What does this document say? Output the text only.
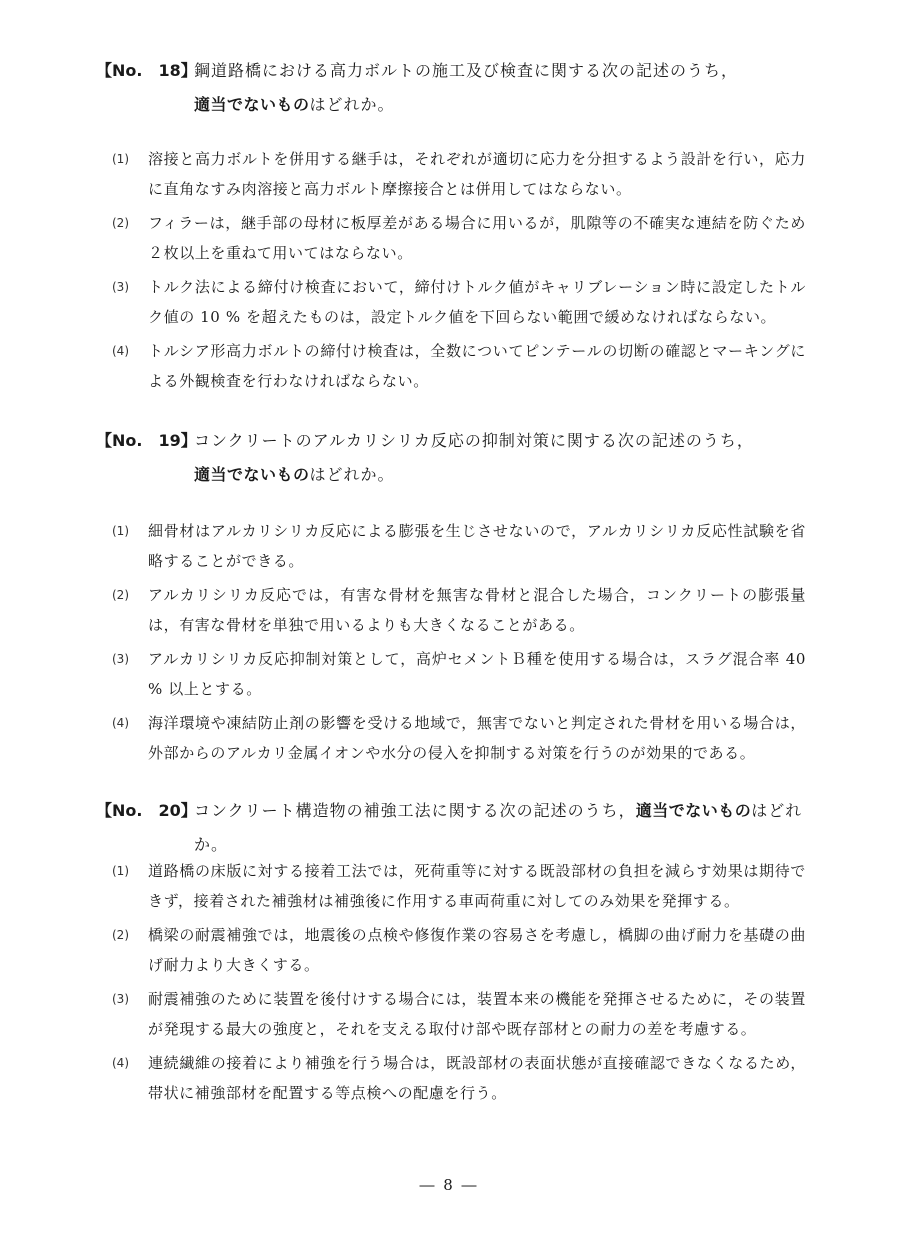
【No.　18】
鋼道路橋における高力ボルトの施工及び検査に関する次の記述のうち，
適当でないものはどれか。
(1)	溶接と高力ボルトを併用する継手は，それぞれが適切に応力を分担するよう設計を行い，応力に直角なすみ肉溶接と高力ボルト摩擦接合とは併用してはならない。
(2)	フィラーは，継手部の母材に板厚差がある場合に用いるが，肌隙等の不確実な連結を防ぐため２枚以上を重ねて用いてはならない。
(3)	トルク法による締付け検査において，締付けトルク値がキャリブレーション時に設定したトルク値の 10 % を超えたものは，設定トルク値を下回らない範囲で緩めなければならない。
(4)	トルシア形高力ボルトの締付け検査は，全数についてピンテールの切断の確認とマーキングによる外観検査を行わなければならない。
【No.　19】
コンクリートのアルカリシリカ反応の抑制対策に関する次の記述のうち，
適当でないものはどれか。
(1)	細骨材はアルカリシリカ反応による膨張を生じさせないので，アルカリシリカ反応性試験を省略することができる。
(2)	アルカリシリカ反応では，有害な骨材を無害な骨材と混合した場合，コンクリートの膨張量は，有害な骨材を単独で用いるよりも大きくなることがある。
(3)	アルカリシリカ反応抑制対策として，高炉セメントＢ種を使用する場合は，スラグ混合率 40 % 以上とする。
(4)	海洋環境や凍結防止剤の影響を受ける地域で，無害でないと判定された骨材を用いる場合は，外部からのアルカリ金属イオンや水分の侵入を抑制する対策を行うのが効果的である。
【No.　20】
コンクリート構造物の補強工法に関する次の記述のうち，適当でないものはどれか。
(1)	道路橋の床版に対する接着工法では，死荷重等に対する既設部材の負担を減らす効果は期待できず，接着された補強材は補強後に作用する車両荷重に対してのみ効果を発揮する。
(2)	橋梁の耐震補強では，地震後の点検や修復作業の容易さを考慮し，橋脚の曲げ耐力を基礎の曲げ耐力より大きくする。
(3)	耐震補強のために装置を後付けする場合には，装置本来の機能を発揮させるために，その装置が発現する最大の強度と，それを支える取付け部や既存部材との耐力の差を考慮する。
(4)	連続繊維の接着により補強を行う場合は，既設部材の表面状態が直接確認できなくなるため，帯状に補強部材を配置する等点検への配慮を行う。
― 8 ―
